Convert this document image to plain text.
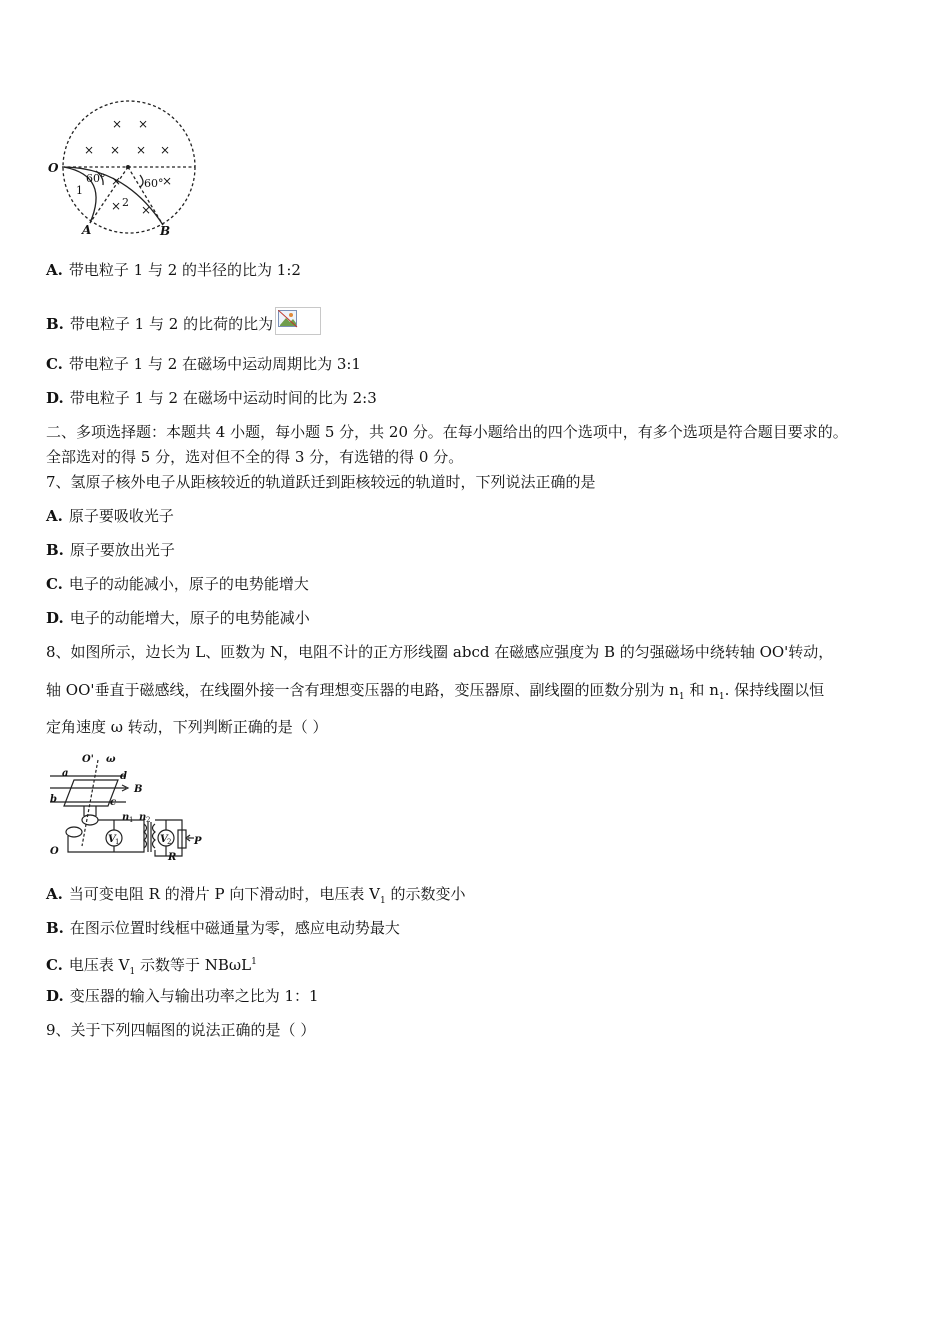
× ×
× × × ×
×	×
× ×
O
A	B
1
2
60°	60°
A. 带电粒子 1 与 2 的半径的比为 1:2
B. 带电粒子 1 与 2 的比荷的比为
C. 带电粒子 1 与 2 在磁场中运动周期比为 3:1
D. 带电粒子 1 与 2 在磁场中运动时间的比为 2:3
二、多项选择题：本题共 4 小题，每小题 5 分，共 20 分。在每小题给出的四个选项中，有多个选项是符合题目要求的。
全部选对的得 5 分，选对但不全的得 3 分，有选错的得 0 分。
7、氢原子核外电子从距核较近的轨道跃迁到距核较远的轨道时，下列说法正确的是
A. 原子要吸收光子
B. 原子要放出光子
C. 电子的动能减小，原子的电势能增大
D. 电子的动能增大，原子的电势能减小
8、如图所示，边长为 L、匝数为 N，电阻不计的正方形线圈 abcd 在磁感应强度为 B 的匀强磁场中绕转轴 OO'转动，
轴 OO'垂直于磁感线，在线圈外接一含有理想变压器的电路，变压器原、副线圈的匝数分别为 $n_1$ 和 $n_1$. 保持线圈以恒
定角速度 ω 转动，下列判断正确的是（ ）
O' ω
a	d
B
b	c
O
n n
V	V
R
P
1 2
1	2
A. 当可变电阻 R 的滑片 P 向下滑动时，电压表 $V_1$ 的示数变小
B. 在图示位置时线框中磁通量为零，感应电动势最大
C. 电压表 $V_1$ 示数等于 NBωL$^1$
D. 变压器的输入与输出功率之比为 1：1
9、关于下列四幅图的说法正确的是（ ）
